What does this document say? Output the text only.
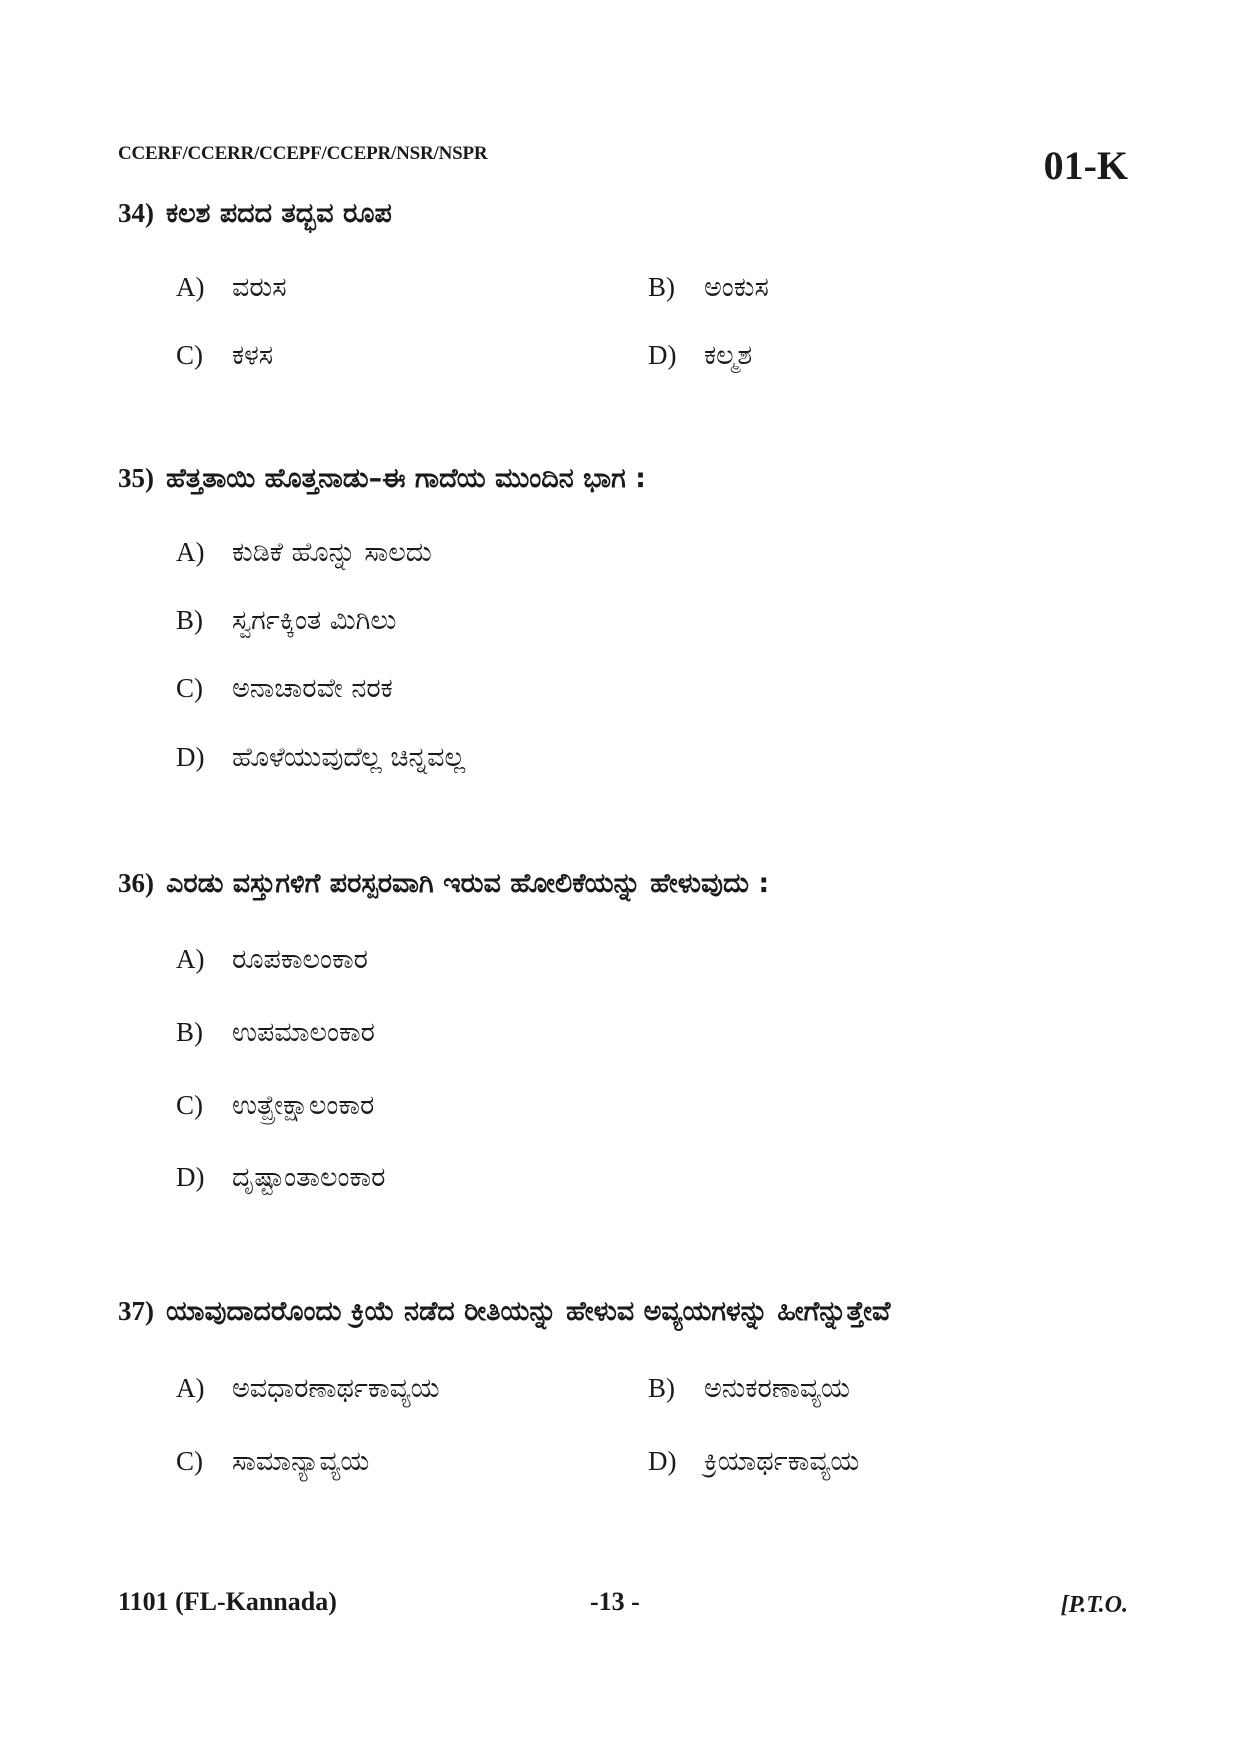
CCERF/CCERR/CCEPF/CCEPR/NSR/NSPR	01-K
34) ಕಲಶ ಪದದ ತದ್ಭವ ರೂಪ
A) ವರುಸ	B) ಅಂಕುಸ
C) ಕಳಸ	D) ಕಲ್ಮಶ
35) ಹೆತ್ತತಾಯಿ ಹೊತ್ತನಾಡು–ಈ ಗಾದೆಯ ಮುಂದಿನ ಭಾಗ :
A) ಕುಡಿಕೆ ಹೊನ್ನು ಸಾಲದು
B) ಸ್ವರ್ಗಕ್ಕಿಂತ ಮಿಗಿಲು
C) ಅನಾಚಾರವೇ ನರಕ
D) ಹೊಳೆಯುವುದೆಲ್ಲ ಚಿನ್ನವಲ್ಲ
36) ಎರಡು ವಸ್ತುಗಳಿಗೆ ಪರಸ್ಪರವಾಗಿ ಇರುವ ಹೋಲಿಕೆಯನ್ನು ಹೇಳುವುದು :
A) ರೂಪಕಾಲಂಕಾರ
B) ಉಪಮಾಲಂಕಾರ
C) ಉತ್ಪ್ರೇಕ್ಷಾಲಂಕಾರ
D) ದೃಷ್ಟಾಂತಾಲಂಕಾರ
37) ಯಾವುದಾದರೊಂದು ಕ್ರಿಯೆ ನಡೆದ ರೀತಿಯನ್ನು ಹೇಳುವ ಅವ್ಯಯಗಳನ್ನು ಹೀಗೆನ್ನುತ್ತೇವೆ
A) ಅವಧಾರಣಾರ್ಥಕಾವ್ಯಯ	B) ಅನುಕರಣಾವ್ಯಯ
C) ಸಾಮಾನ್ಯಾವ್ಯಯ	D) ಕ್ರಿಯಾರ್ಥಕಾವ್ಯಯ
1101 (FL-Kannada)	-13 -	[P.T.O.
